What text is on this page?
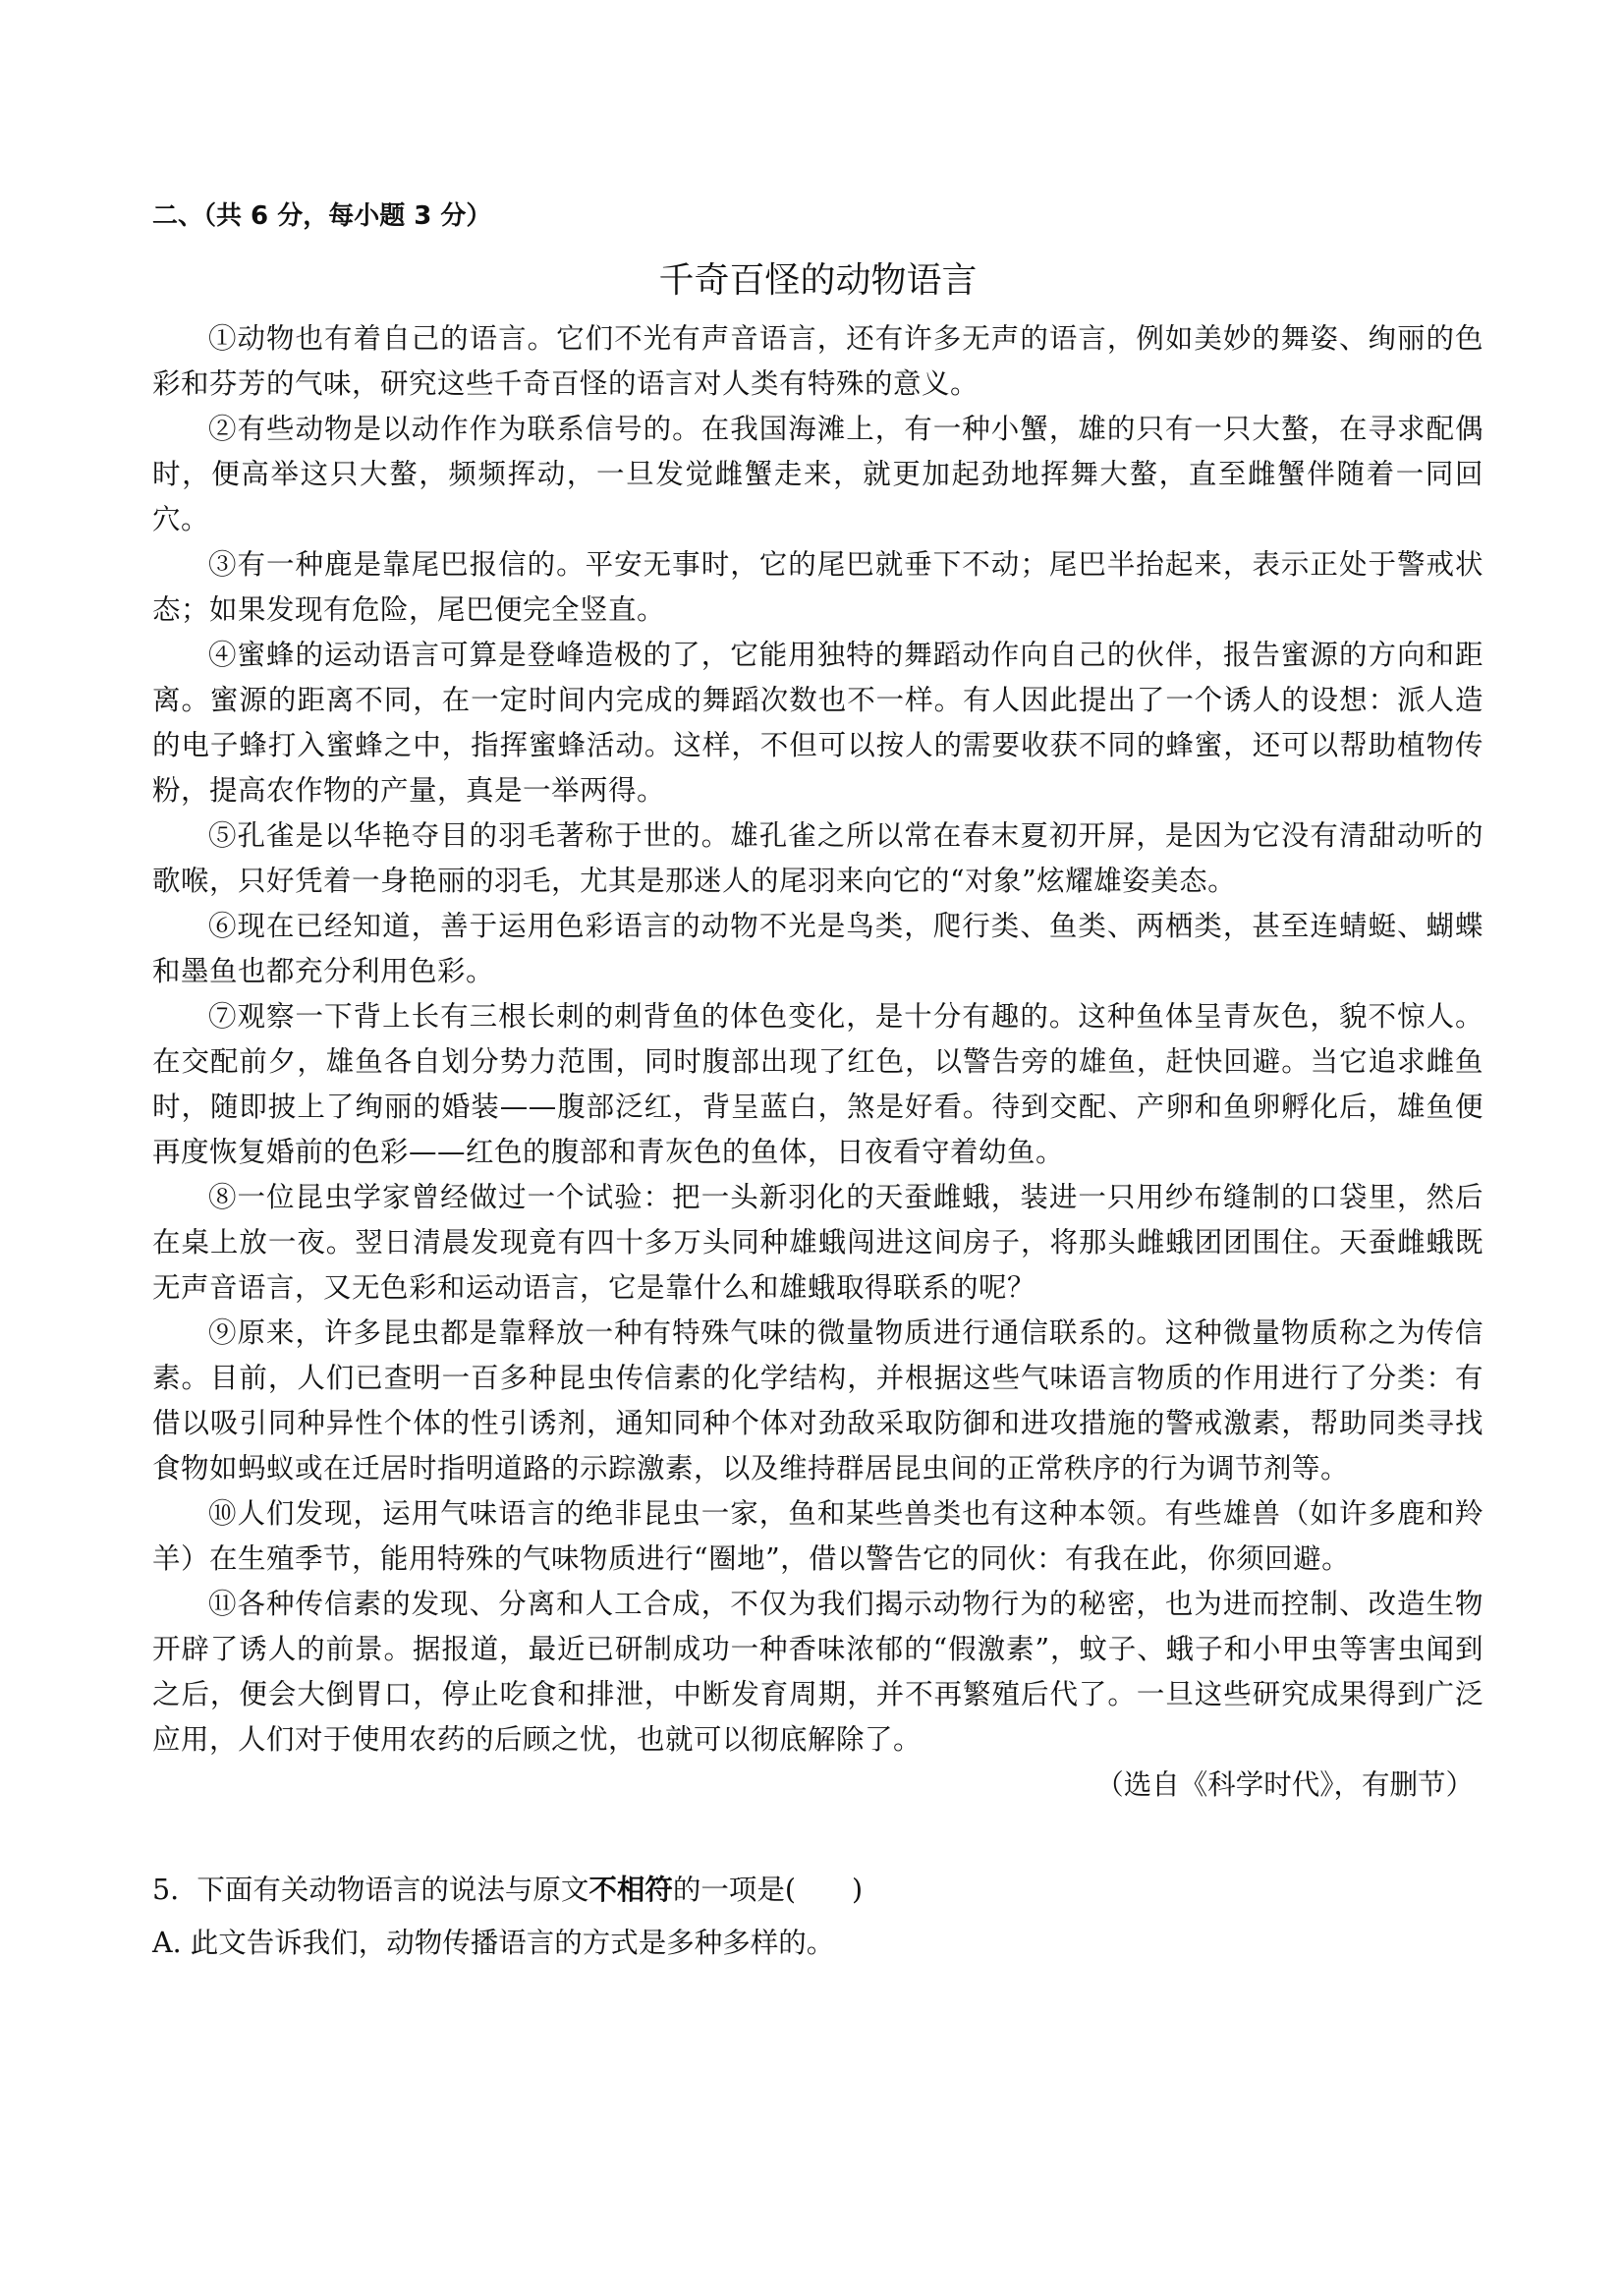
二、（共 6 分，每小题 3 分）
千奇百怪的动物语言

①动物也有着自己的语言。它们不光有声音语言，还有许多无声的语言，例如美妙的舞姿、绚丽的色彩和芬芳的气味，研究这些千奇百怪的语言对人类有特殊的意义。

②有些动物是以动作作为联系信号的。在我国海滩上，有一种小蟹，雄的只有一只大螯，在寻求配偶时，便高举这只大螯，频频挥动，一旦发觉雌蟹走来，就更加起劲地挥舞大螯，直至雌蟹伴随着一同回穴。

③有一种鹿是靠尾巴报信的。平安无事时，它的尾巴就垂下不动；尾巴半抬起来，表示正处于警戒状态；如果发现有危险，尾巴便完全竖直。

④蜜蜂的运动语言可算是登峰造极的了，它能用独特的舞蹈动作向自己的伙伴，报告蜜源的方向和距离。蜜源的距离不同，在一定时间内完成的舞蹈次数也不一样。有人因此提出了一个诱人的设想：派人造的电子蜂打入蜜蜂之中，指挥蜜蜂活动。这样，不但可以按人的需要收获不同的蜂蜜，还可以帮助植物传粉，提高农作物的产量，真是一举两得。

⑤孔雀是以华艳夺目的羽毛著称于世的。雄孔雀之所以常在春末夏初开屏，是因为它没有清甜动听的歌喉，只好凭着一身艳丽的羽毛，尤其是那迷人的尾羽来向它的“对象”炫耀雄姿美态。

⑥现在已经知道，善于运用色彩语言的动物不光是鸟类，爬行类、鱼类、两栖类，甚至连蜻蜓、蝴蝶和墨鱼也都充分利用色彩。

⑦观察一下背上长有三根长刺的刺背鱼的体色变化，是十分有趣的。这种鱼体呈青灰色，貌不惊人。在交配前夕，雄鱼各自划分势力范围，同时腹部出现了红色，以警告旁的雄鱼，赶快回避。当它追求雌鱼时，随即披上了绚丽的婚装——腹部泛红，背呈蓝白，煞是好看。待到交配、产卵和鱼卵孵化后，雄鱼便再度恢复婚前的色彩——红色的腹部和青灰色的鱼体，日夜看守着幼鱼。

⑧一位昆虫学家曾经做过一个试验：把一头新羽化的天蚕雌蛾，装进一只用纱布缝制的口袋里，然后在桌上放一夜。翌日清晨发现竟有四十多万头同种雄蛾闯进这间房子，将那头雌蛾团团围住。天蚕雌蛾既无声音语言，又无色彩和运动语言，它是靠什么和雄蛾取得联系的呢？

⑨原来，许多昆虫都是靠释放一种有特殊气味的微量物质进行通信联系的。这种微量物质称之为传信素。目前，人们已查明一百多种昆虫传信素的化学结构，并根据这些气味语言物质的作用进行了分类：有借以吸引同种异性个体的性引诱剂，通知同种个体对劲敌采取防御和进攻措施的警戒激素，帮助同类寻找食物如蚂蚁或在迁居时指明道路的示踪激素，以及维持群居昆虫间的正常秩序的行为调节剂等。

⑩人们发现，运用气味语言的绝非昆虫一家，鱼和某些兽类也有这种本领。有些雄兽（如许多鹿和羚羊）在生殖季节，能用特殊的气味物质进行“圈地”，借以警告它的同伙：有我在此，你须回避。

⑪各种传信素的发现、分离和人工合成，不仅为我们揭示动物行为的秘密，也为进而控制、改造生物开辟了诱人的前景。据报道，最近已研制成功一种香味浓郁的“假激素”，蚊子、蛾子和小甲虫等害虫闻到之后，便会大倒胃口，停止吃食和排泄，中断发育周期，并不再繁殖后代了。一旦这些研究成果得到广泛应用，人们对于使用农药的后顾之忧，也就可以彻底解除了。

（选自《科学时代》，有删节）
5. 下面有关动物语言的说法与原文不相符的一项是(　　)
A. 此文告诉我们，动物传播语言的方式是多种多样的。
